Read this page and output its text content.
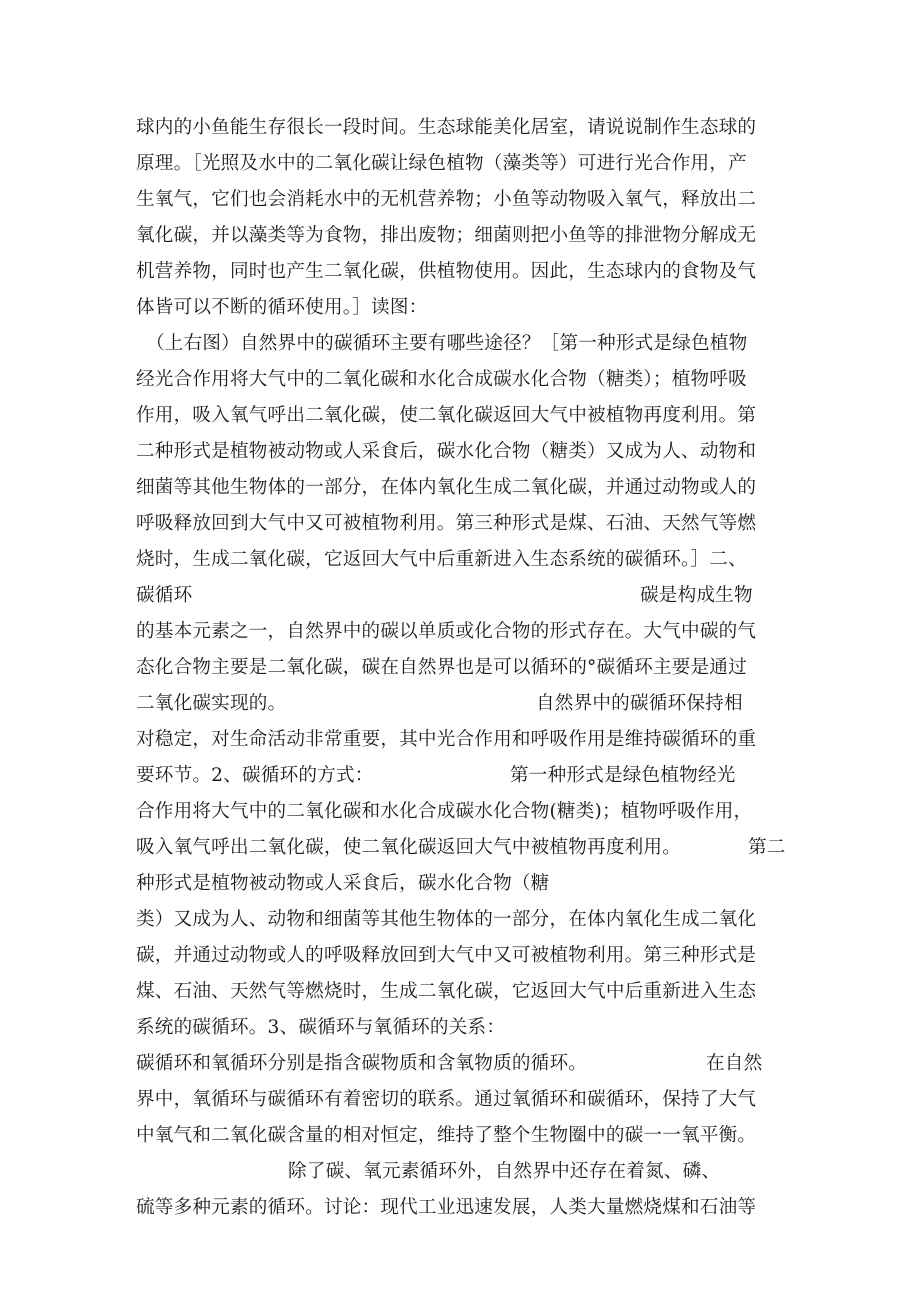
球内的小鱼能生存很长一段时间。生态球能美化居室，请说说制作生态球的
原理。［光照及水中的二氧化碳让绿色植物（藻类等）可进行光合作用，产
生氧气，它们也会消耗水中的无机营养物；小鱼等动物吸入氧气，释放出二
氧化碳，并以藻类等为食物，排出废物；细菌则把小鱼等的排泄物分解成无
机营养物，同时也产生二氧化碳，供植物使用。因此，生态球内的食物及气
体皆可以不断的循环使用。］读图：
（上右图）自然界中的碳循环主要有哪些途径？［第一种形式是绿色植物
经光合作用将大气中的二氧化碳和水化合成碳水化合物（糖类）；植物呼吸
作用，吸入氧气呼出二氧化碳，使二氧化碳返回大气中被植物再度利用。第
二种形式是植物被动物或人采食后，碳水化合物（糖类）又成为人、动物和
细菌等其他生物体的一部分，在体内氧化生成二氧化碳，并通过动物或人的
呼吸释放回到大气中又可被植物利用。第三种形式是煤、石油、天然气等燃
烧时，生成二氧化碳，它返回大气中后重新进入生态系统的碳循环。］二、
碳循环	碳是构成生物
的基本元素之一，自然界中的碳以单质或化合物的形式存在。大气中碳的气
态化合物主要是二氧化碳，碳在自然界也是可以循环的°碳循环主要是通过
二氧化碳实现的。	自然界中的碳循环保持相
对稳定，对生命活动非常重要，其中光合作用和呼吸作用是维持碳循环的重
要环节。2、碳循环的方式：	第一种形式是绿色植物经光
合作用将大气中的二氧化碳和水化合成碳水化合物(糖类)；植物呼吸作用，
吸入氧气呼出二氧化碳，使二氧化碳返回大气中被植物再度利用。	第二
种形式是植物被动物或人采食后，碳水化合物（糖
类）又成为人、动物和细菌等其他生物体的一部分，在体内氧化生成二氧化
碳，并通过动物或人的呼吸释放回到大气中又可被植物利用。第三种形式是
煤、石油、天然气等燃烧时，生成二氧化碳，它返回大气中后重新进入生态
系统的碳循环。3、碳循环与氧循环的关系：
碳循环和氧循环分别是指含碳物质和含氧物质的循环。	在自然
界中，氧循环与碳循环有着密切的联系。通过氧循环和碳循环，保持了大气
中氧气和二氧化碳含量的相对恒定，维持了整个生物圈中的碳一一氧平衡。
除了碳、氧元素循环外，自然界中还存在着氮、磷、
硫等多种元素的循环。讨论：现代工业迅速发展，人类大量燃烧煤和石油等
